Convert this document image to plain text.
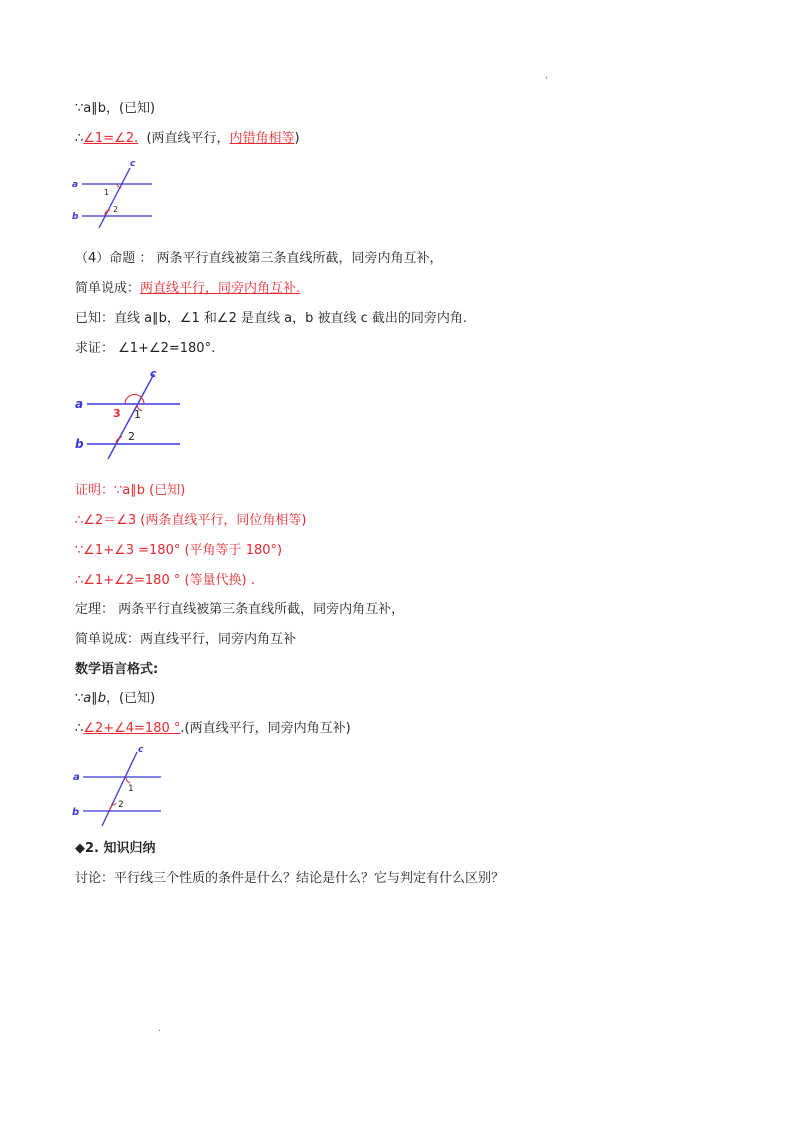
'
∵a∥b，(已知)
∴∠1=∠2. (两直线平行，内错角相等)
c
a
b
1
2
（4）命题 ： 两条平行直线被第三条直线所截，同旁内角互补，
简单说成：两直线平行，同旁内角互补.
已知：直线 a∥b，∠1 和∠2 是直线 a，b 被直线 c 截出的同旁内角.
求证： ∠1+∠2=180°.
c
a
b
3 1
2
证明：∵a∥b (已知)
∴∠2＝∠3 (两条直线平行，同位角相等)
∵∠1+∠3 =180° (平角等于 180°)
∴∠1+∠2=180 ° (等量代换) .
定理： 两条平行直线被第三条直线所截，同旁内角互补，
简单说成：两直线平行，同旁内角互补
数学语言格式:
∵a∥b，(已知)
∴∠2+∠4=180 °.(两直线平行，同旁内角互补)
c
a
b
1
2
◆2. 知识归纳
讨论：平行线三个性质的条件是什么？结论是什么？它与判定有什么区别？
.
